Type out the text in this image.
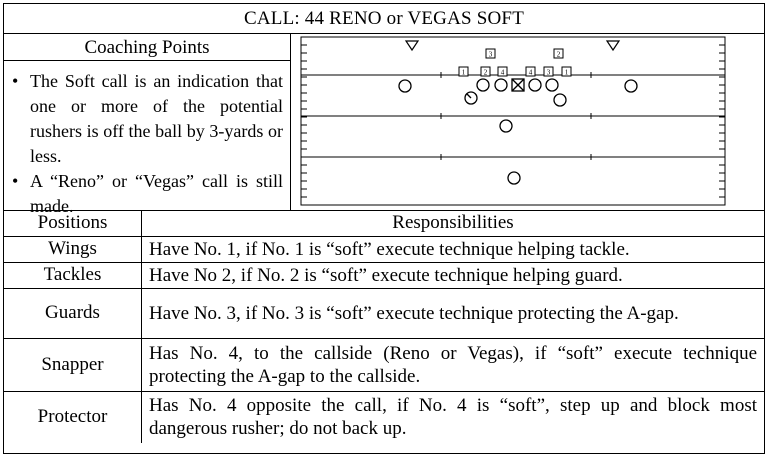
CALL: 44 RENO or VEGAS SOFT
Coaching Points
• The Soft call is an indication that one or more of the potential rushers is off the ball by 3-yards or less.
• A “Reno” or “Vegas” call is still made.
3	2
1	2 4	4 3 1
Positions	Responsibilities
Wings	Have No. 1, if No. 1 is “soft” execute technique helping tackle.
Tackles	Have No 2, if No. 2 is “soft” execute technique helping guard.
Guards	Have No. 3, if No. 3 is “soft” execute technique protecting the A-gap.
Snapper	Has No. 4, to the callside (Reno or Vegas), if “soft” execute technique protecting the A-gap to the callside.
Protector	Has No. 4 opposite the call, if No. 4 is “soft”, step up and block most dangerous rusher; do not back up.
